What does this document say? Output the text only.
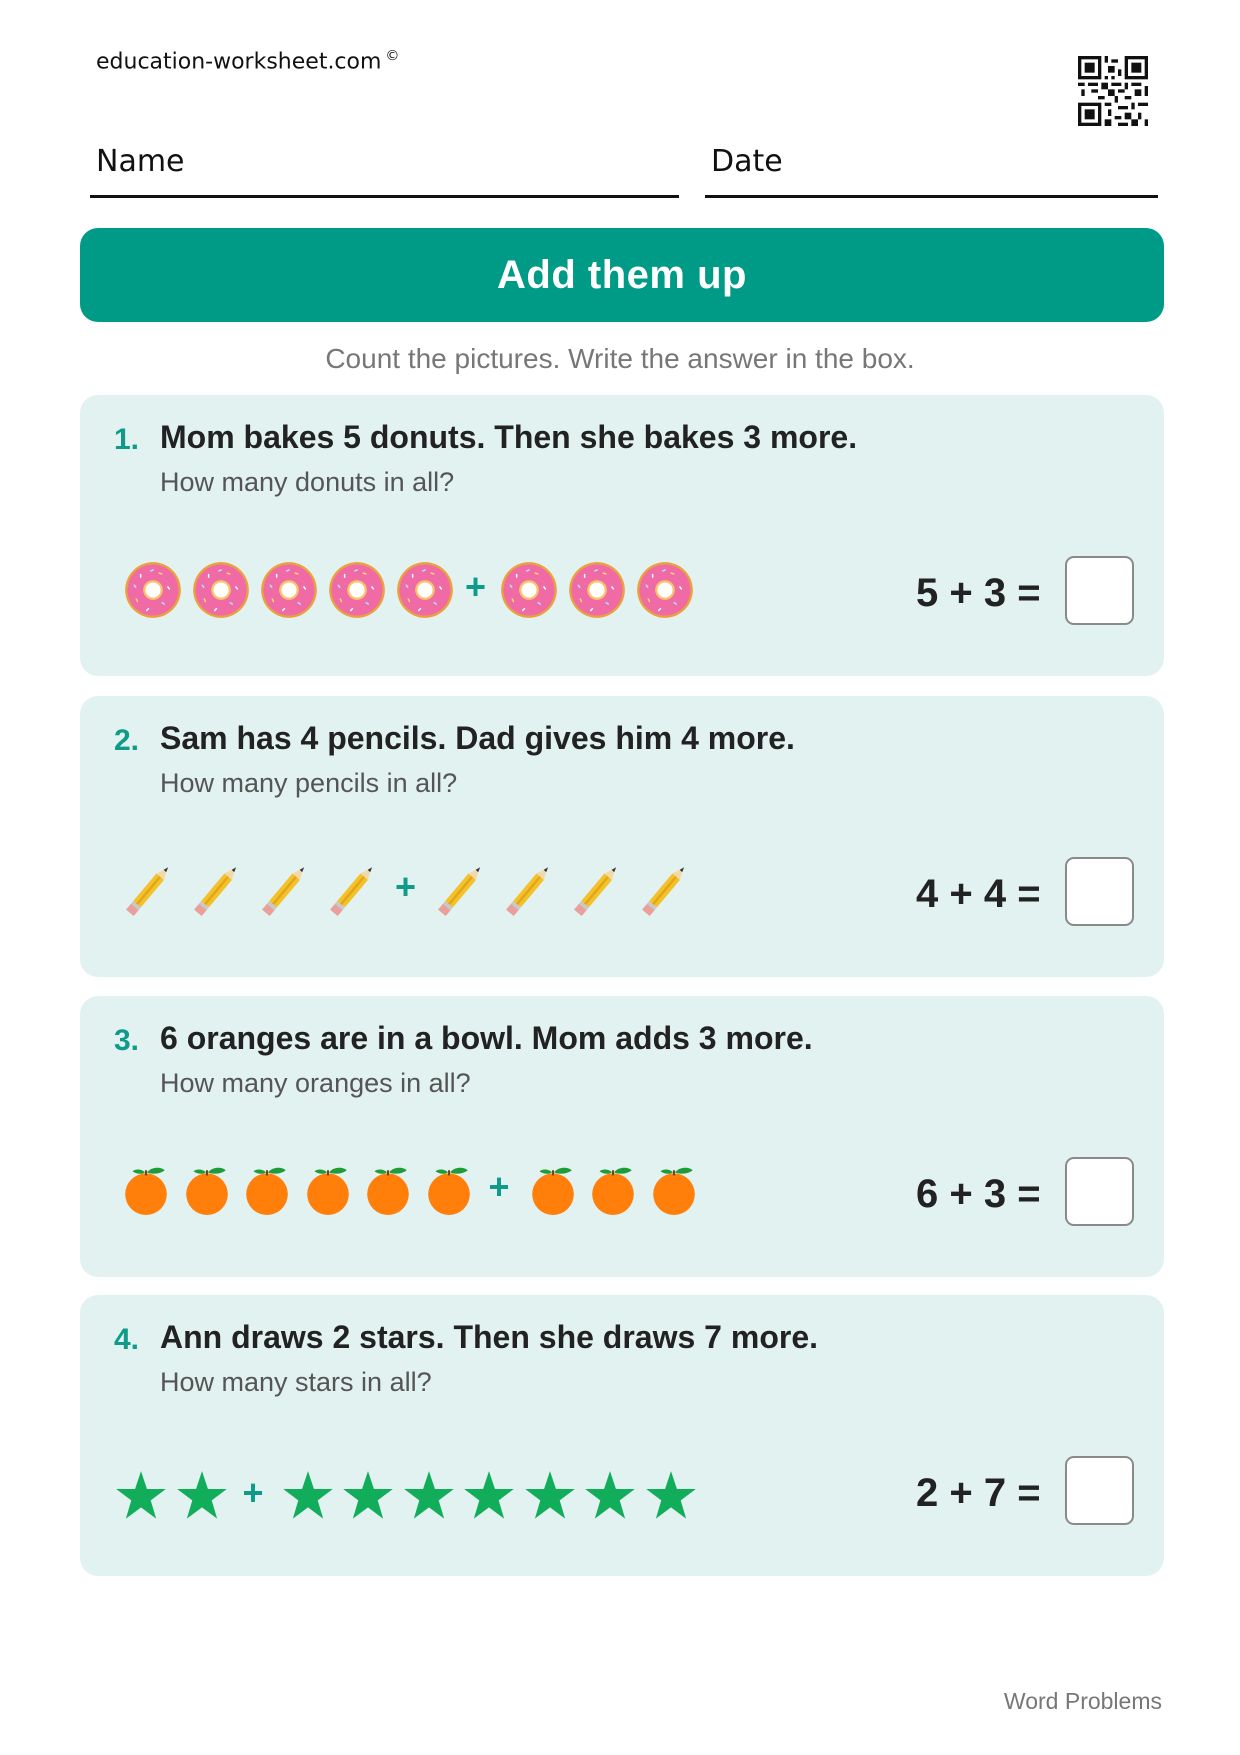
education-worksheet.com ©
Name	Date
Add them up
Count the pictures. Write the answer in the box.
1. Mom bakes 5 donuts. Then she bakes 3 more.
How many donuts in all?
+	5 + 3 =
2. Sam has 4 pencils. Dad gives him 4 more.
How many pencils in all?
+	4 + 4 =
3. 6 oranges are in a bowl. Mom adds 3 more.
How many oranges in all?
+	6 + 3 =
4. Ann draws 2 stars. Then she draws 7 more.
How many stars in all?
+	2 + 7 =
Word Problems
